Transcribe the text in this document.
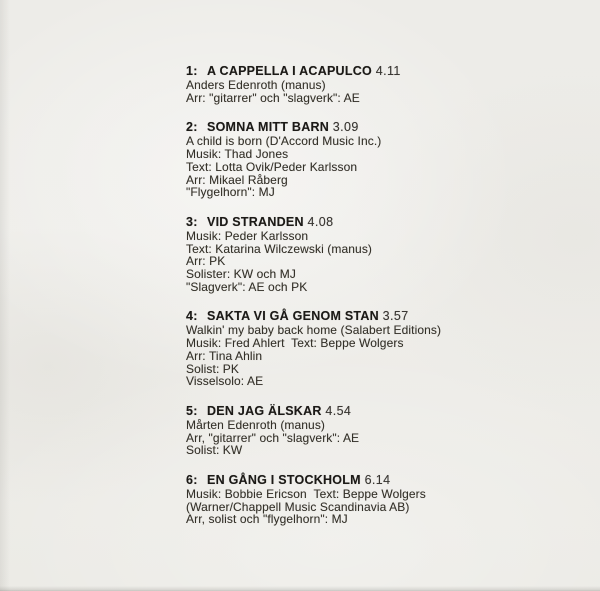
1: A CAPPELLA I ACAPULCO 4.11
Anders Edenroth (manus)
Arr: "gitarrer" och "slagverk": AE
2: SOMNA MITT BARN 3.09
A child is born (D'Accord Music Inc.)
Musik: Thad Jones
Text: Lotta Ovik/Peder Karlsson
Arr: Mikael Råberg
"Flygelhorn": MJ
3: VID STRANDEN 4.08
Musik: Peder Karlsson
Text: Katarina Wilczewski (manus)
Arr: PK
Solister: KW och MJ
"Slagverk": AE och PK
4: SAKTA VI GÅ GENOM STAN 3.57
Walkin' my baby back home (Salabert Editions)
Musik: Fred Ahlert  Text: Beppe Wolgers
Arr: Tina Ahlin
Solist: PK
Visselsolo: AE
5: DEN JAG ÄLSKAR 4.54
Mårten Edenroth (manus)
Arr, "gitarrer" och "slagverk": AE
Solist: KW
6: EN GÅNG I STOCKHOLM 6.14
Musik: Bobbie Ericson  Text: Beppe Wolgers
(Warner/Chappell Music Scandinavia AB)
Arr, solist och "flygelhorn": MJ
